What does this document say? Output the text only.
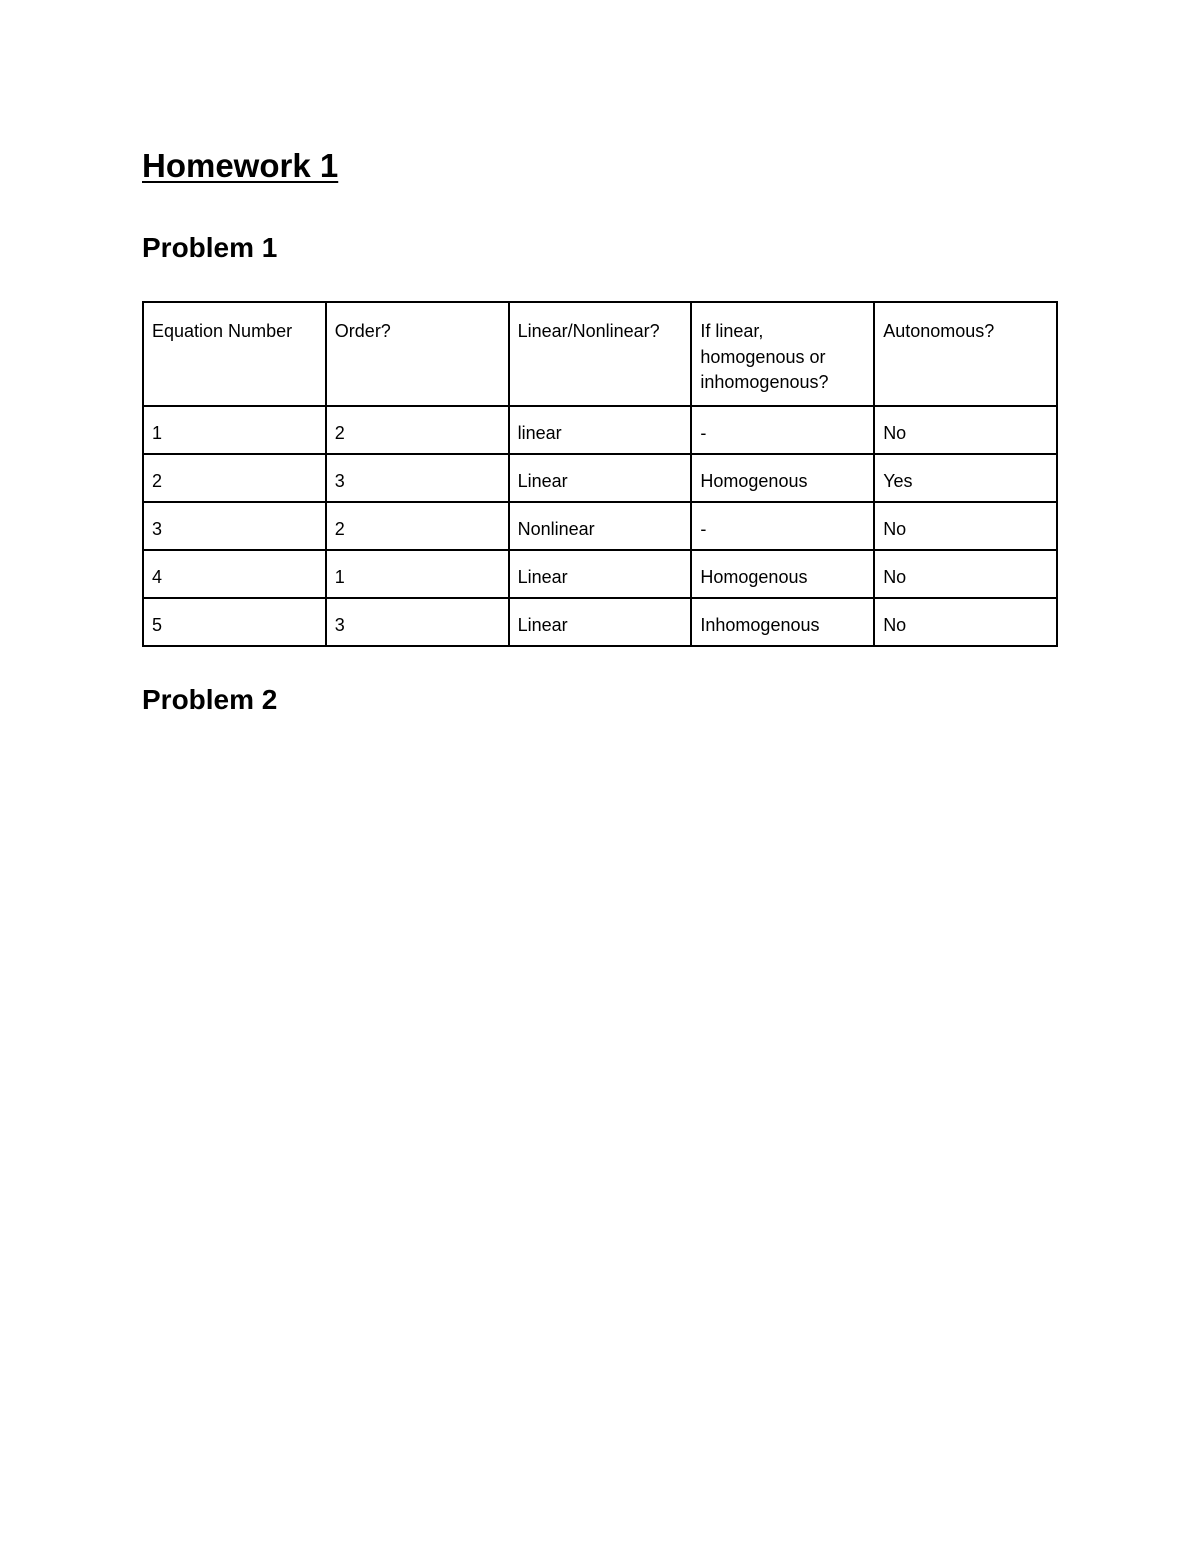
Homework 1
Problem 1
Equation Number	Order?	Linear/Nonlinear?	If linear, homogenous or inhomogenous?	Autonomous?
1	2	linear	-	No
2	3	Linear	Homogenous	Yes
3	2	Nonlinear	-	No
4	1	Linear	Homogenous	No
5	3	Linear	Inhomogenous	No
Problem 2
